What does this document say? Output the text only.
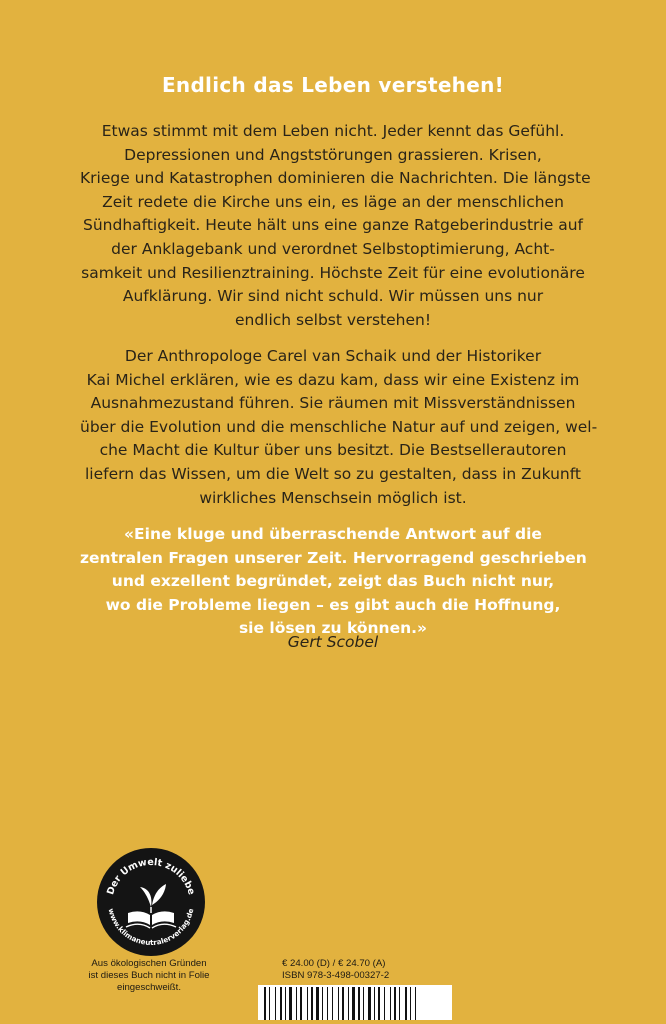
Endlich das Leben verstehen!
Etwas stimmt mit dem Leben nicht. Jeder kennt das Gefühl.
Depressionen und Angststörungen grassieren. Krisen,
Kriege und Katastrophen dominieren die Nachrichten. Die längste
Zeit redete die Kirche uns ein, es läge an der menschlichen
Sündhaftigkeit. Heute hält uns eine ganze Ratgeberindustrie auf
der Anklagebank und verordnet Selbstoptimierung, Acht-
samkeit und Resilienztraining. Höchste Zeit für eine evolutionäre
Aufklärung. Wir sind nicht schuld. Wir müssen uns nur
endlich selbst verstehen!
Der Anthropologe Carel van Schaik und der Historiker
Kai Michel erklären, wie es dazu kam, dass wir eine Existenz im
Ausnahmezustand führen. Sie räumen mit Missverständnissen
über die Evolution und die menschliche Natur auf und zeigen, wel-
che Macht die Kultur über uns besitzt. Die Bestsellerautoren
liefern das Wissen, um die Welt so zu gestalten, dass in Zukunft
wirkliches Menschsein möglich ist.
«Eine kluge und überraschende Antwort auf die
zentralen Fragen unserer Zeit. Hervorragend geschrieben
und exzellent begründet, zeigt das Buch nicht nur,
wo die Probleme liegen – es gibt auch die Hoffnung,
sie lösen zu können.»
Gert Scobel
Der Umwelt zuliebe
www.klimaneutralerverlag.de
Aus ökologischen Gründen
ist dieses Buch nicht in Folie
eingeschweißt.
€ 24.00 (D) / € 24.70 (A)
ISBN 978-3-498-00327-2
